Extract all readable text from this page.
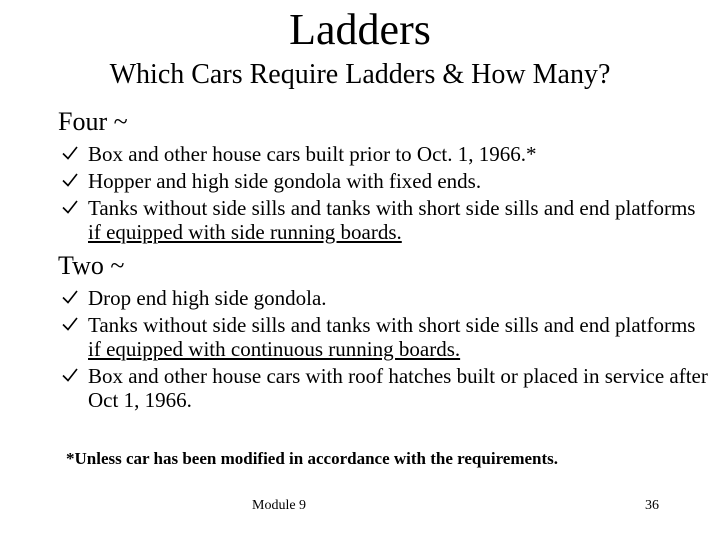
Ladders
Which Cars Require Ladders & How Many?

Four ~

Box and other house cars built prior to Oct. 1, 1966.*
Hopper and high side gondola with fixed ends.
Tanks without side sills and tanks with short side sills and end platforms if equipped with side running boards.

Two ~

Drop end high side gondola.
Tanks without side sills and tanks with short side sills and end platforms if equipped with continuous running boards.
Box and other house cars with roof hatches built or placed in service after Oct 1, 1966.
*Unless car has been modified in accordance with the requirements.
Module 9	36
